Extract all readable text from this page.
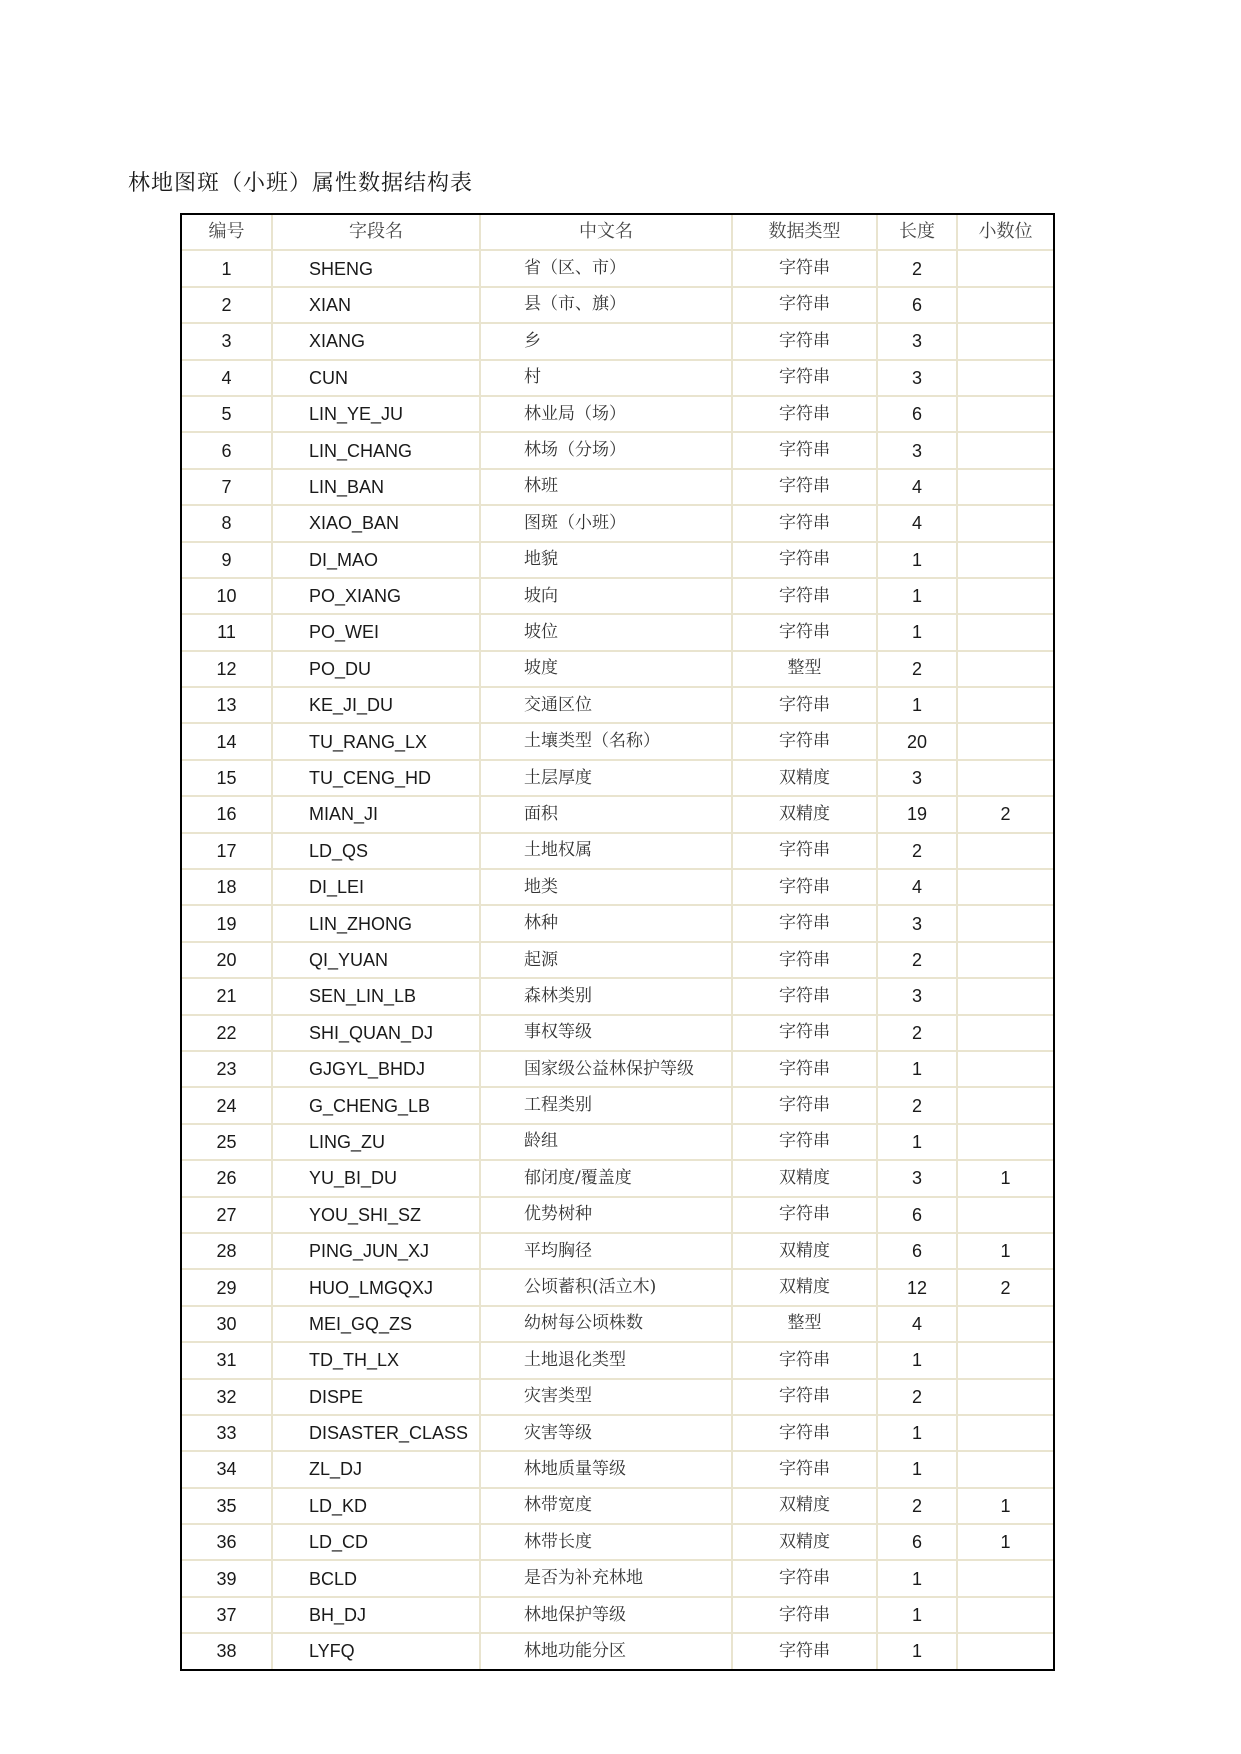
林地图斑（小班）属性数据结构表
编号	字段名	中文名	数据类型	长度	小数位
1	SHENG	省（区、市）	字符串	2	
2	XIAN	县（市、旗）	字符串	6	
3	XIANG	乡	字符串	3	
4	CUN	村	字符串	3	
5	LIN_YE_JU	林业局（场）	字符串	6	
6	LIN_CHANG	林场（分场）	字符串	3	
7	LIN_BAN	林班	字符串	4	
8	XIAO_BAN	图斑（小班）	字符串	4	
9	DI_MAO	地貌	字符串	1	
10	PO_XIANG	坡向	字符串	1	
11	PO_WEI	坡位	字符串	1	
12	PO_DU	坡度	整型	2	
13	KE_JI_DU	交通区位	字符串	1	
14	TU_RANG_LX	土壤类型（名称）	字符串	20	
15	TU_CENG_HD	土层厚度	双精度	3	
16	MIAN_JI	面积	双精度	19	2
17	LD_QS	土地权属	字符串	2	
18	DI_LEI	地类	字符串	4	
19	LIN_ZHONG	林种	字符串	3	
20	QI_YUAN	起源	字符串	2	
21	SEN_LIN_LB	森林类别	字符串	3	
22	SHI_QUAN_DJ	事权等级	字符串	2	
23	GJGYL_BHDJ	国家级公益林保护等级	字符串	1	
24	G_CHENG_LB	工程类别	字符串	2	
25	LING_ZU	龄组	字符串	1	
26	YU_BI_DU	郁闭度/覆盖度	双精度	3	1
27	YOU_SHI_SZ	优势树种	字符串	6	
28	PING_JUN_XJ	平均胸径	双精度	6	1
29	HUO_LMGQXJ	公顷蓄积(活立木)	双精度	12	2
30	MEI_GQ_ZS	幼树每公顷株数	整型	4	
31	TD_TH_LX	土地退化类型	字符串	1	
32	DISPE	灾害类型	字符串	2	
33	DISASTER_CLASS	灾害等级	字符串	1	
34	ZL_DJ	林地质量等级	字符串	1	
35	LD_KD	林带宽度	双精度	2	1
36	LD_CD	林带长度	双精度	6	1
39	BCLD	是否为补充林地	字符串	1	
37	BH_DJ	林地保护等级	字符串	1	
38	LYFQ	林地功能分区	字符串	1	
